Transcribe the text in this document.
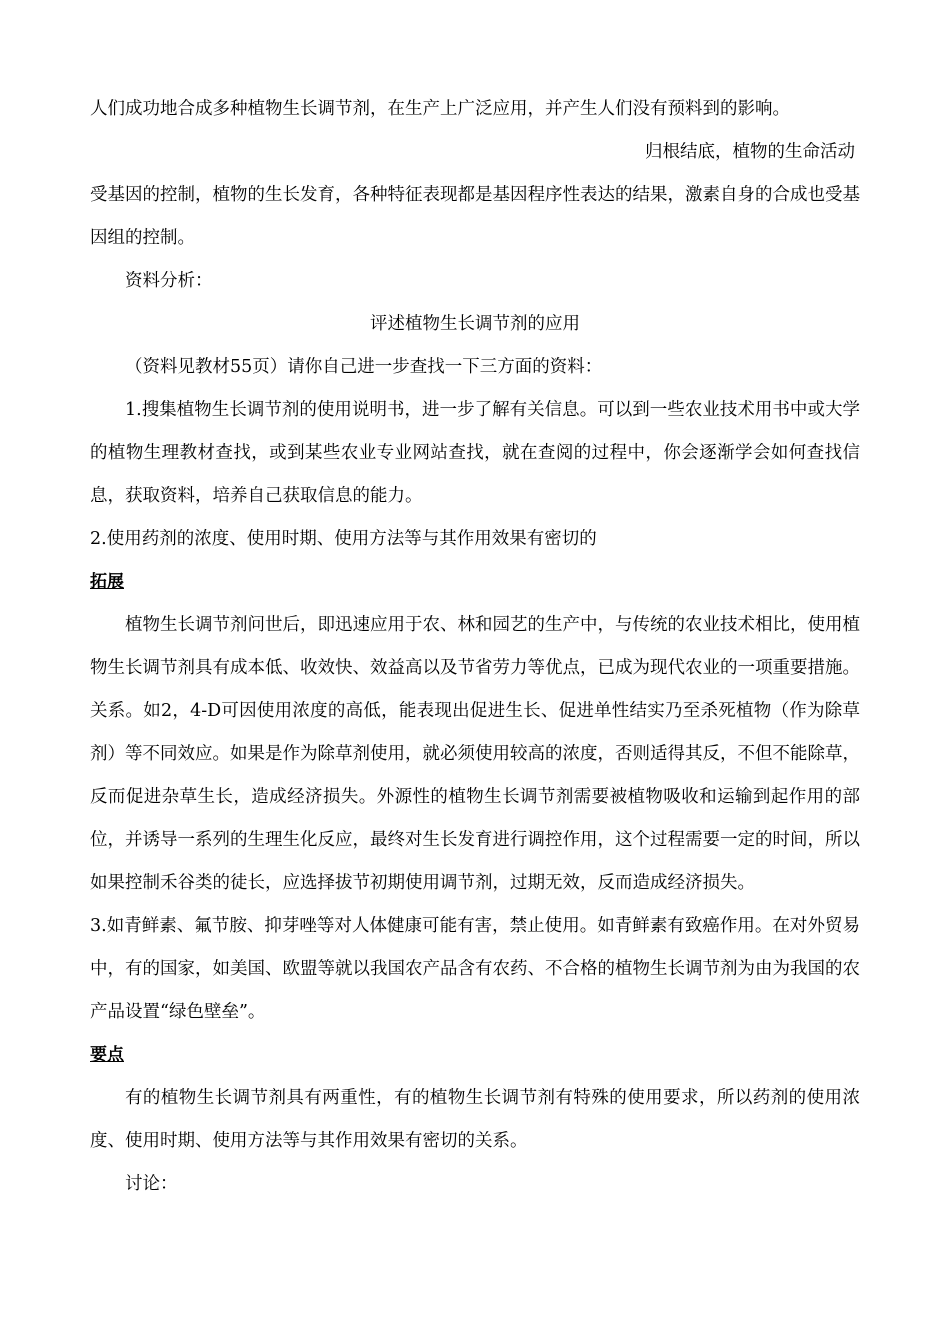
人们成功地合成多种植物生长调节剂，在生产上广泛应用，并产生人们没有预料到的影响。

归根结底，植物的生命活动

受基因的控制，植物的生长发育，各种特征表现都是基因程序性表达的结果，激素自身的合成也受基因组的控制。

资料分析：

评述植物生长调节剂的应用

（资料见教材55页）请你自己进一步查找一下三方面的资料：

1.搜集植物生长调节剂的使用说明书，进一步了解有关信息。可以到一些农业技术用书中或大学的植物生理教材查找，或到某些农业专业网站查找，就在查阅的过程中，你会逐渐学会如何查找信息，获取资料，培养自己获取信息的能力。

2.使用药剂的浓度、使用时期、使用方法等与其作用效果有密切的

拓展

植物生长调节剂问世后，即迅速应用于农、林和园艺的生产中，与传统的农业技术相比，使用植物生长调节剂具有成本低、收效快、效益高以及节省劳力等优点，已成为现代农业的一项重要措施。

关系。如2，4-D可因使用浓度的高低，能表现出促进生长、促进单性结实乃至杀死植物（作为除草剂）等不同效应。如果是作为除草剂使用，就必须使用较高的浓度，否则适得其反，不但不能除草，反而促进杂草生长，造成经济损失。外源性的植物生长调节剂需要被植物吸收和运输到起作用的部位，并诱导一系列的生理生化反应，最终对生长发育进行调控作用，这个过程需要一定的时间，所以如果控制禾谷类的徒长，应选择拔节初期使用调节剂，过期无效，反而造成经济损失。

3.如青鲜素、氟节胺、抑芽唑等对人体健康可能有害，禁止使用。如青鲜素有致癌作用。在对外贸易中，有的国家，如美国、欧盟等就以我国农产品含有农药、不合格的植物生长调节剂为由为我国的农产品设置“绿色壁垒”。

要点

有的植物生长调节剂具有两重性，有的植物生长调节剂有特殊的使用要求，所以药剂的使用浓度、使用时期、使用方法等与其作用效果有密切的关系。

讨论：
